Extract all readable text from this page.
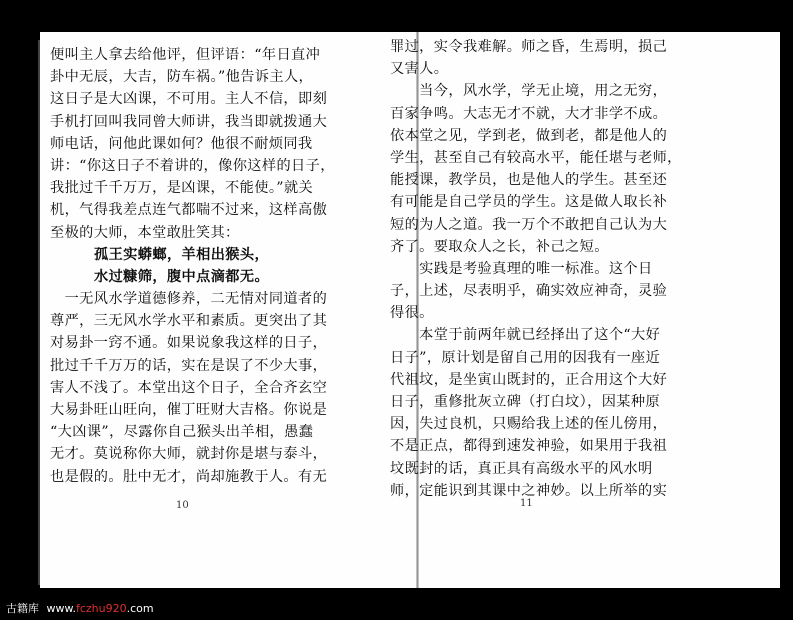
便叫主人拿去给他评，但评语：“年日直冲
卦中无辰，大吉，防车祸。”他告诉主人，
这日子是大凶课，不可用。主人不信，即刻
手机打回叫我同曾大师讲，我当即就拨通大
师电话，问他此课如何？他很不耐烦同我
讲：“你这日子不着讲的，像你这样的日子，
我批过千千万万，是凶课，不能使。”就关
机，气得我差点连气都喘不过来，这样高傲
至极的大师，本堂敢肚笑其：
孤王实蟒螂，羊相出猴头，
水过糠筛，腹中点滴都无。
　一无风水学道德修养，二无情对同道者的
尊严，三无风水学水平和素质。更突出了其
对易卦一窍不通。如果说象我这样的日子，
批过千千万万的话，实在是误了不少大事，
害人不浅了。本堂出这个日子，全合齐玄空
大易卦旺山旺向，催丁旺财大吉格。你说是
“大凶课”，尽露你自己猴头出羊相，愚蠢
无才。莫说称你大师，就封你是堪与泰斗，
也是假的。肚中无才，尚却施教于人。有无
10
罪过，实令我难解。师之昏，生焉明，损己
又害人。
　　当今，风水学，学无止境，用之无穷，
百家争鸣。大志无才不就，大才非学不成。
依本堂之见，学到老，做到老，都是他人的
学生，甚至自己有较高水平，能任堪与老师，
能授课，教学员，也是他人的学生。甚至还
有可能是自己学员的学生。这是做人取长补
短的为人之道。我一万个不敢把自己认为大
齐了。要取众人之长，补己之短。
　　实践是考验真理的唯一标准。这个日
子，上述，尽表明乎，确实效应神奇，灵验
得很。
　　本堂于前两年就已经择出了这个“大好
日子”，原计划是留自己用的因我有一座近
代祖坟，是坐寅山既封的，正合用这个大好
日子，重修批灰立碑（打白坟），因某种原
因，失过良机，只赐给我上述的侄儿傍用，
不是正点，都得到速发神验，如果用于我祖
坟既封的话，真正具有高级水平的风水明
师，定能识到其课中之神妙。以上所举的实
11
古籍库 www.fczhu920.com
